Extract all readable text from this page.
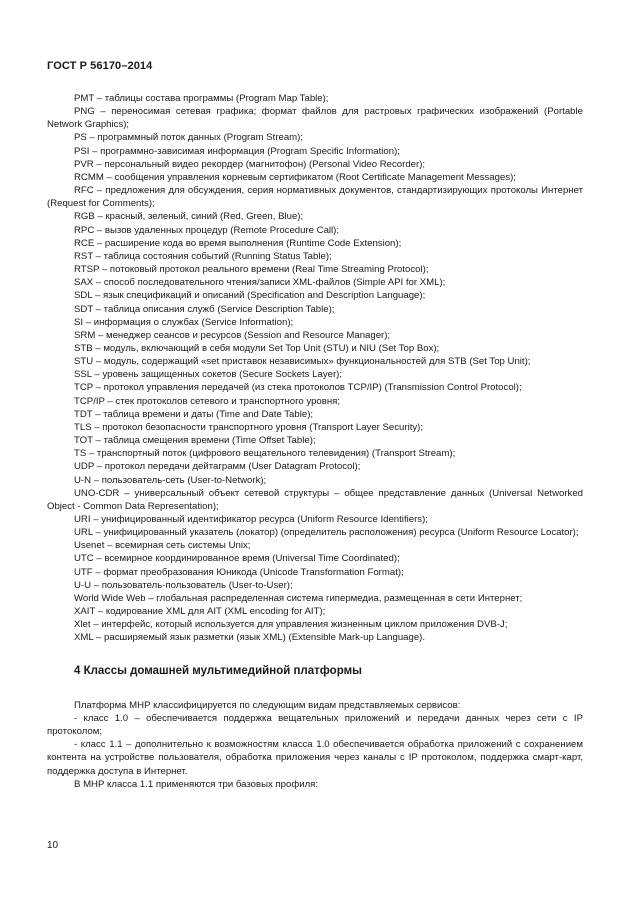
ГОСТ Р 56170–2014

PMT – таблицы состава программы (Program Map Table);

PNG – переносимая сетевая графика; формат файлов для растровых графических изображений (Portable Network Graphics);

PS – программный поток данных (Program Stream);

PSI – программно-зависимая информация (Program Specific Information);

PVR – персональный видео рекордер (магнитофон) (Personal Video Recorder);

RCMM – сообщения управления корневым сертификатом (Root Certificate Management Messages);

RFC – предложения для обсуждения, серия нормативных документов, стандартизирующих протоколы Интернет (Request for Comments);

RGB – красный, зеленый, синий (Red, Green, Blue);

RPC – вызов удаленных процедур (Remote Procedure Call);

RCE – расширение кода во время выполнения (Runtime Code Extension);

RST – таблица состояния событий (Running Status Table);

RTSP – потоковый протокол реального времени (Real Time Streaming Protocol);

SAX – способ последовательного чтения/записи XML-файлов (Simple API for XML);

SDL – язык спецификаций и описаний (Specification and Description Language);

SDT – таблица описания служб (Service Description Table);

SI – информация о службах (Service Information);

SRM – менеджер сеансов и ресурсов (Session and Resource Manager);

STB – модуль, включающий в себя модули Set Top Unit (STU) и NIU (Set Top Box);

STU – модуль, содержащий «set приставок независимых» функциональностей для STB (Set Top Unit);

SSL – уровень защищенных сокетов (Secure Sockets Layer);

TCP – протокол управления передачей (из стека протоколов TCP/IP) (Transmission Control Protocol);

TCP/IP – стек протоколов сетевого и транспортного уровня;

TDT – таблица времени и даты (Time and Date Table);

TLS – протокол безопасности транспортного уровня (Transport Layer Security);

TOT – таблица смещения времени (Time Offset Table);

TS – транспортный поток (цифрового вещательного телевидения) (Transport Stream);

UDP – протокол передачи дейтаграмм (User Datagram Protocol);

U-N – пользователь-сеть (User-to-Network);

UNO-CDR – универсальный объект сетевой структуры – общее представление данных (Universal Networked Object - Common Data Representation);

URI – унифицированный идентификатор ресурса (Uniform Resource Identifiers);

URL – унифицированный указатель (локатор) (определитель расположения) ресурса (Uniform Resource Locator);

Usenet – всемирная сеть системы Unix;

UTC – всемирное координированное время (Universal Time Coordinated);

UTF – формат преобразования Юникода (Unicode Transformation Format);

U-U – пользователь-пользователь (User-to-User);

World Wide Web – глобальная распределенная система гипермедиа, размещенная в сети Интернет;

XAIT – кодирование XML для AIT (XML encoding for AIT);

Xlet – интерфейс, который используется для управления жизненным циклом приложения DVB-J;

XML – расширяемый язык разметки (язык XML) (Extensible Mark-up Language).

4 Классы домашней мультимедийной платформы

Платформа МНР классифицируется по следующим видам представляемых сервисов:

- класс 1.0 – обеспечивается поддержка вещательных приложений и передачи данных через сети с IP протоколом;

- класс 1.1 – дополнительно к возможностям класса 1.0 обеспечивается обработка приложений с сохранением контента на устройстве пользователя, обработка приложения через каналы с IP протоколом, поддержка смарт-карт, поддержка доступа в Интернет.

В МНР класса 1.1 применяются три базовых профиля:

10
